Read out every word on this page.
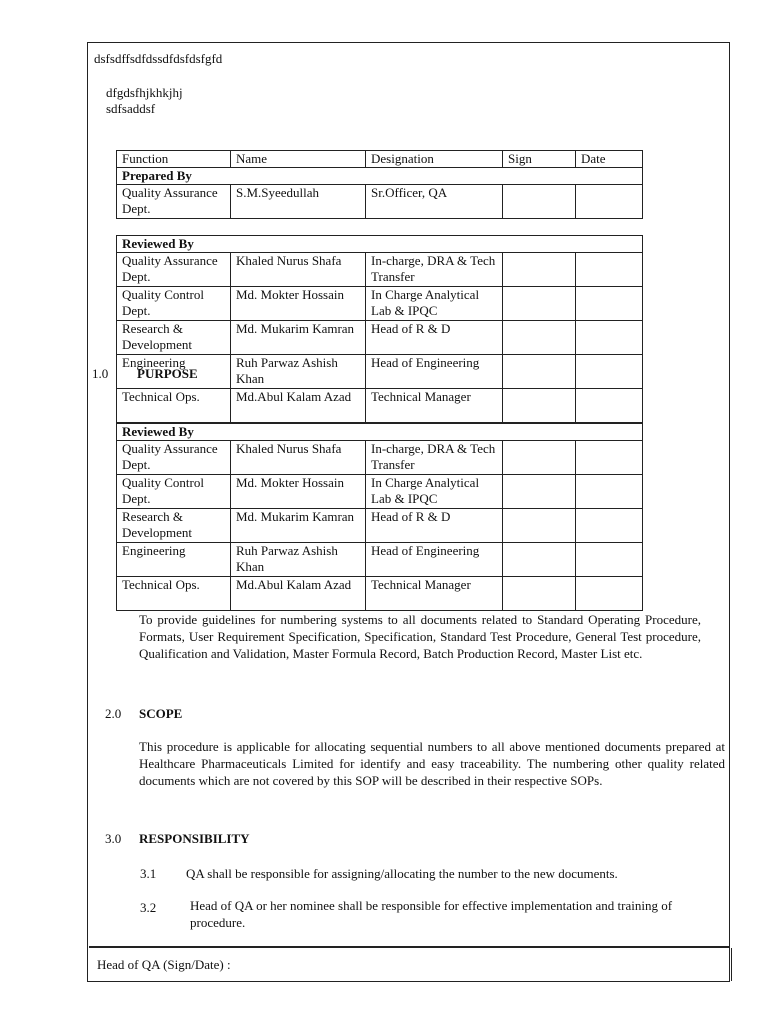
dsfsdffsdfdssdfdsfdsfgfd
dfgdsfhjkhkjhj
sdfsaddsf
Function	Name	Designation	Sign	Date
Prepared By				
Quality Assurance Dept.	S.M.Syeedullah	Sr.Officer, QA		
Reviewed By				
Quality Assurance Dept.	Khaled Nurus Shafa	In-charge, DRA & Tech Transfer		
Quality Control Dept.	Md. Mokter Hossain	In Charge Analytical Lab & IPQC		
Research & Development	Md. Mukarim Kamran	Head of R & D		
Engineering	Ruh Parwaz Ashish Khan	Head of Engineering		
Technical Ops.	Md.Abul Kalam Azad	Technical Manager		
1.0 PURPOSE
Reviewed By				
Quality Assurance Dept.	Khaled Nurus Shafa	In-charge, DRA & Tech Transfer		
Quality Control Dept.	Md. Mokter Hossain	In Charge Analytical Lab & IPQC		
Research & Development	Md. Mukarim Kamran	Head of R & D		
Engineering	Ruh Parwaz Ashish Khan	Head of Engineering		
Technical Ops.	Md.Abul Kalam Azad	Technical Manager		
To provide guidelines for numbering systems to all documents related to Standard Operating Procedure, Formats, User Requirement Specification, Specification, Standard Test Procedure, General Test procedure, Qualification and Validation, Master Formula Record, Batch Production Record, Master List etc.
2.0 SCOPE
This procedure is applicable for allocating sequential numbers to all above mentioned documents prepared at Healthcare Pharmaceuticals Limited for identify and easy traceability. The numbering other quality related documents which are not covered by this SOP will be described in their respective SOPs.
3.0 RESPONSIBILITY
3.1 QA shall be responsible for assigning/allocating the number to the new documents.
3.2	Head of QA or her nominee shall be responsible for effective implementation and training of procedure.
Head of QA (Sign/Date) :
